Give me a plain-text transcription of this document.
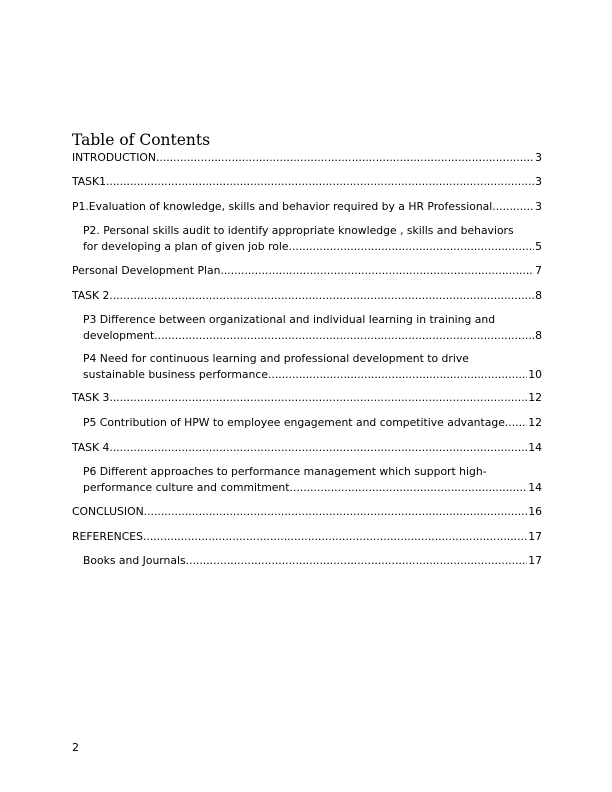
Table of Contents
INTRODUCTION .....	3
TASK1 .....	3
P1.Evaluation of knowledge, skills and behavior required by a HR Professional .....	3
P2. Personal skills audit to identify appropriate knowledge , skills and behaviors
for developing a plan of given job role .....	5
Personal Development Plan .....	7
TASK 2 .....	8
P3 Difference between organizational and individual learning in training and
development .....	8
P4 Need for continuous learning and professional development to drive
sustainable business performance .....	10
TASK 3 .....	12
P5 Contribution of HPW to employee engagement and competitive advantage ..... 12
TASK 4 .....	14
P6 Different approaches to performance management which support high-
performance culture and commitment .....	14
CONCLUSION .....	16
REFERENCES .....	17
Books and Journals .....	17
2
